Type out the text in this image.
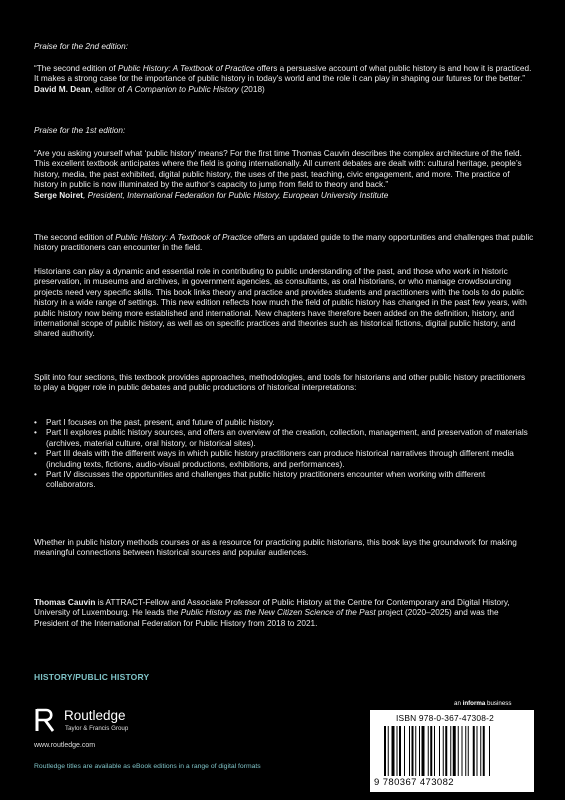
Praise for the 2nd edition:

“The second edition of Public History: A Textbook of Practice offers a persuasive account of what public history is and how it is practiced. It makes a strong case for the importance of public history in today’s world and the role it can play in shaping our futures for the better.”

David M. Dean, editor of A Companion to Public History (2018)

Praise for the 1st edition:

“Are you asking yourself what ‘public history’ means? For the first time Thomas Cauvin describes the complex architecture of the field. This excellent textbook anticipates where the field is going internationally. All current debates are dealt with: cultural heritage, people’s history, media, the past exhibited, digital public history, the uses of the past, teaching, civic engagement, and more. The practice of history in public is now illuminated by the author’s capacity to jump from field to theory and back.”

Serge Noiret, President, International Federation for Public History, European University Institute

The second edition of Public History: A Textbook of Practice offers an updated guide to the many opportunities and challenges that public history practitioners can encounter in the field.

Historians can play a dynamic and essential role in contributing to public understanding of the past, and those who work in historic preservation, in museums and archives, in government agencies, as consultants, as oral historians, or who manage crowdsourcing projects need very specific skills. This book links theory and practice and provides students and practitioners with the tools to do public history in a wide range of settings. This new edition reflects how much the field of public history has changed in the past few years, with public history now being more established and international. New chapters have therefore been added on the definition, history, and international scope of public history, as well as on specific practices and theories such as historical fictions, digital public history, and shared authority.

Split into four sections, this textbook provides approaches, methodologies, and tools for historians and other public history practitioners to play a bigger role in public debates and public productions of historical interpretations:

• Part I focuses on the past, present, and future of public history.
• Part II explores public history sources, and offers an overview of the creation, collection, management, and preservation of materials (archives, material culture, oral history, or historical sites).
• Part III deals with the different ways in which public history practitioners can produce historical narratives through different media (including texts, fictions, audio-visual productions, exhibitions, and performances).
• Part IV discusses the opportunities and challenges that public history practitioners encounter when working with different collaborators.

Whether in public history methods courses or as a resource for practicing public historians, this book lays the groundwork for making meaningful connections between historical sources and popular audiences.

Thomas Cauvin is ATTRACT-Fellow and Associate Professor of Public History at the Centre for Contemporary and Digital History, University of Luxembourg. He leads the Public History as the New Citizen Science of the Past project (2020–2025) and was the President of the International Federation for Public History from 2018 to 2021.

HISTORY/PUBLIC HISTORY
Routledge
Taylor & Francis Group
www.routledge.com
Routledge titles are available as eBook editions in a range of digital formats
an informa business
ISBN 978-0-367-47308-2
9 780367 473082
